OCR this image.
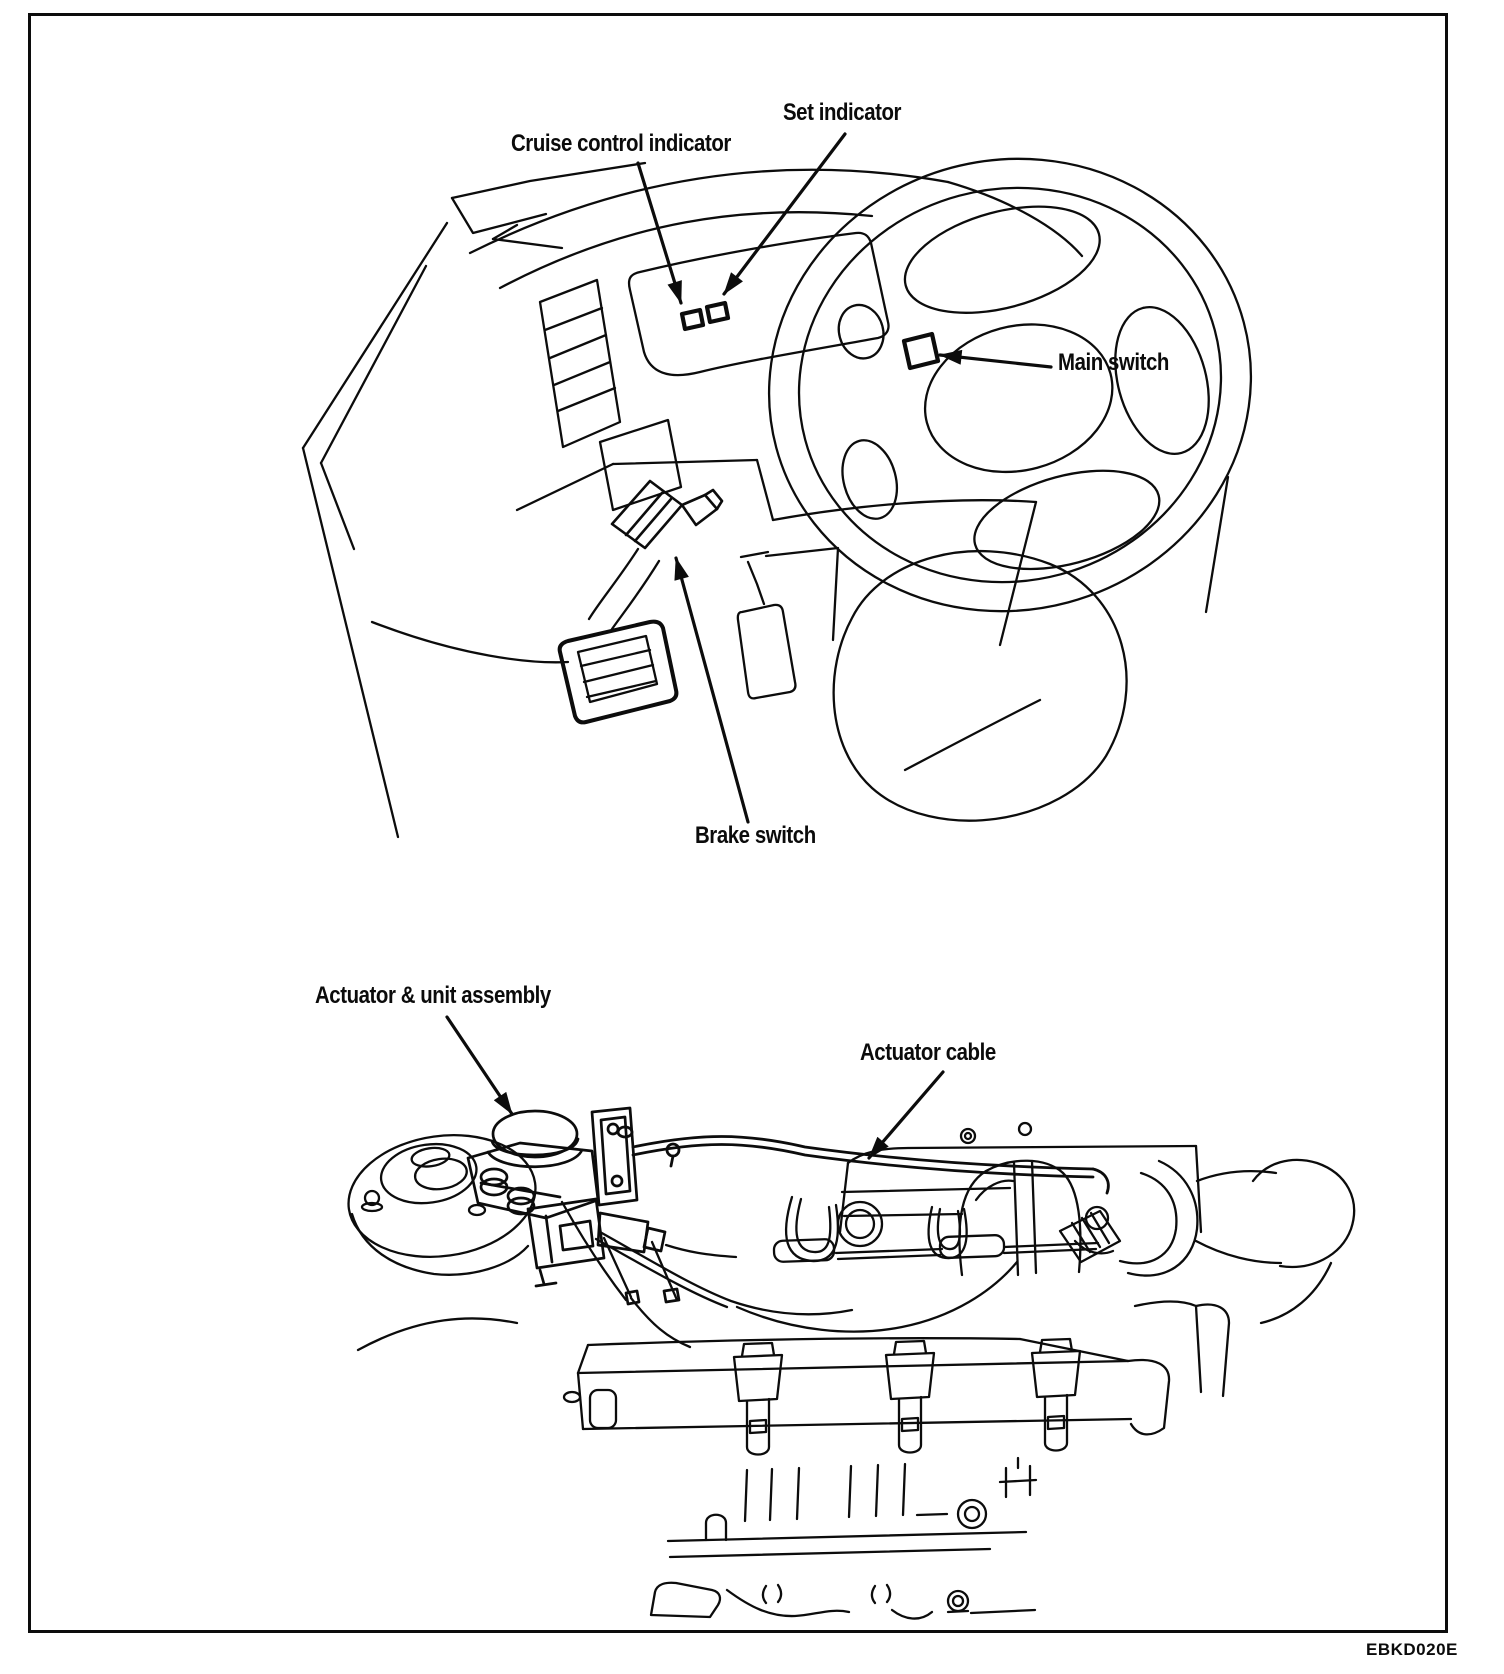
Cruise control indicator
Set indicator
Main switch
Brake switch
Actuator & unit assembly
Actuator cable
EBKD020E
